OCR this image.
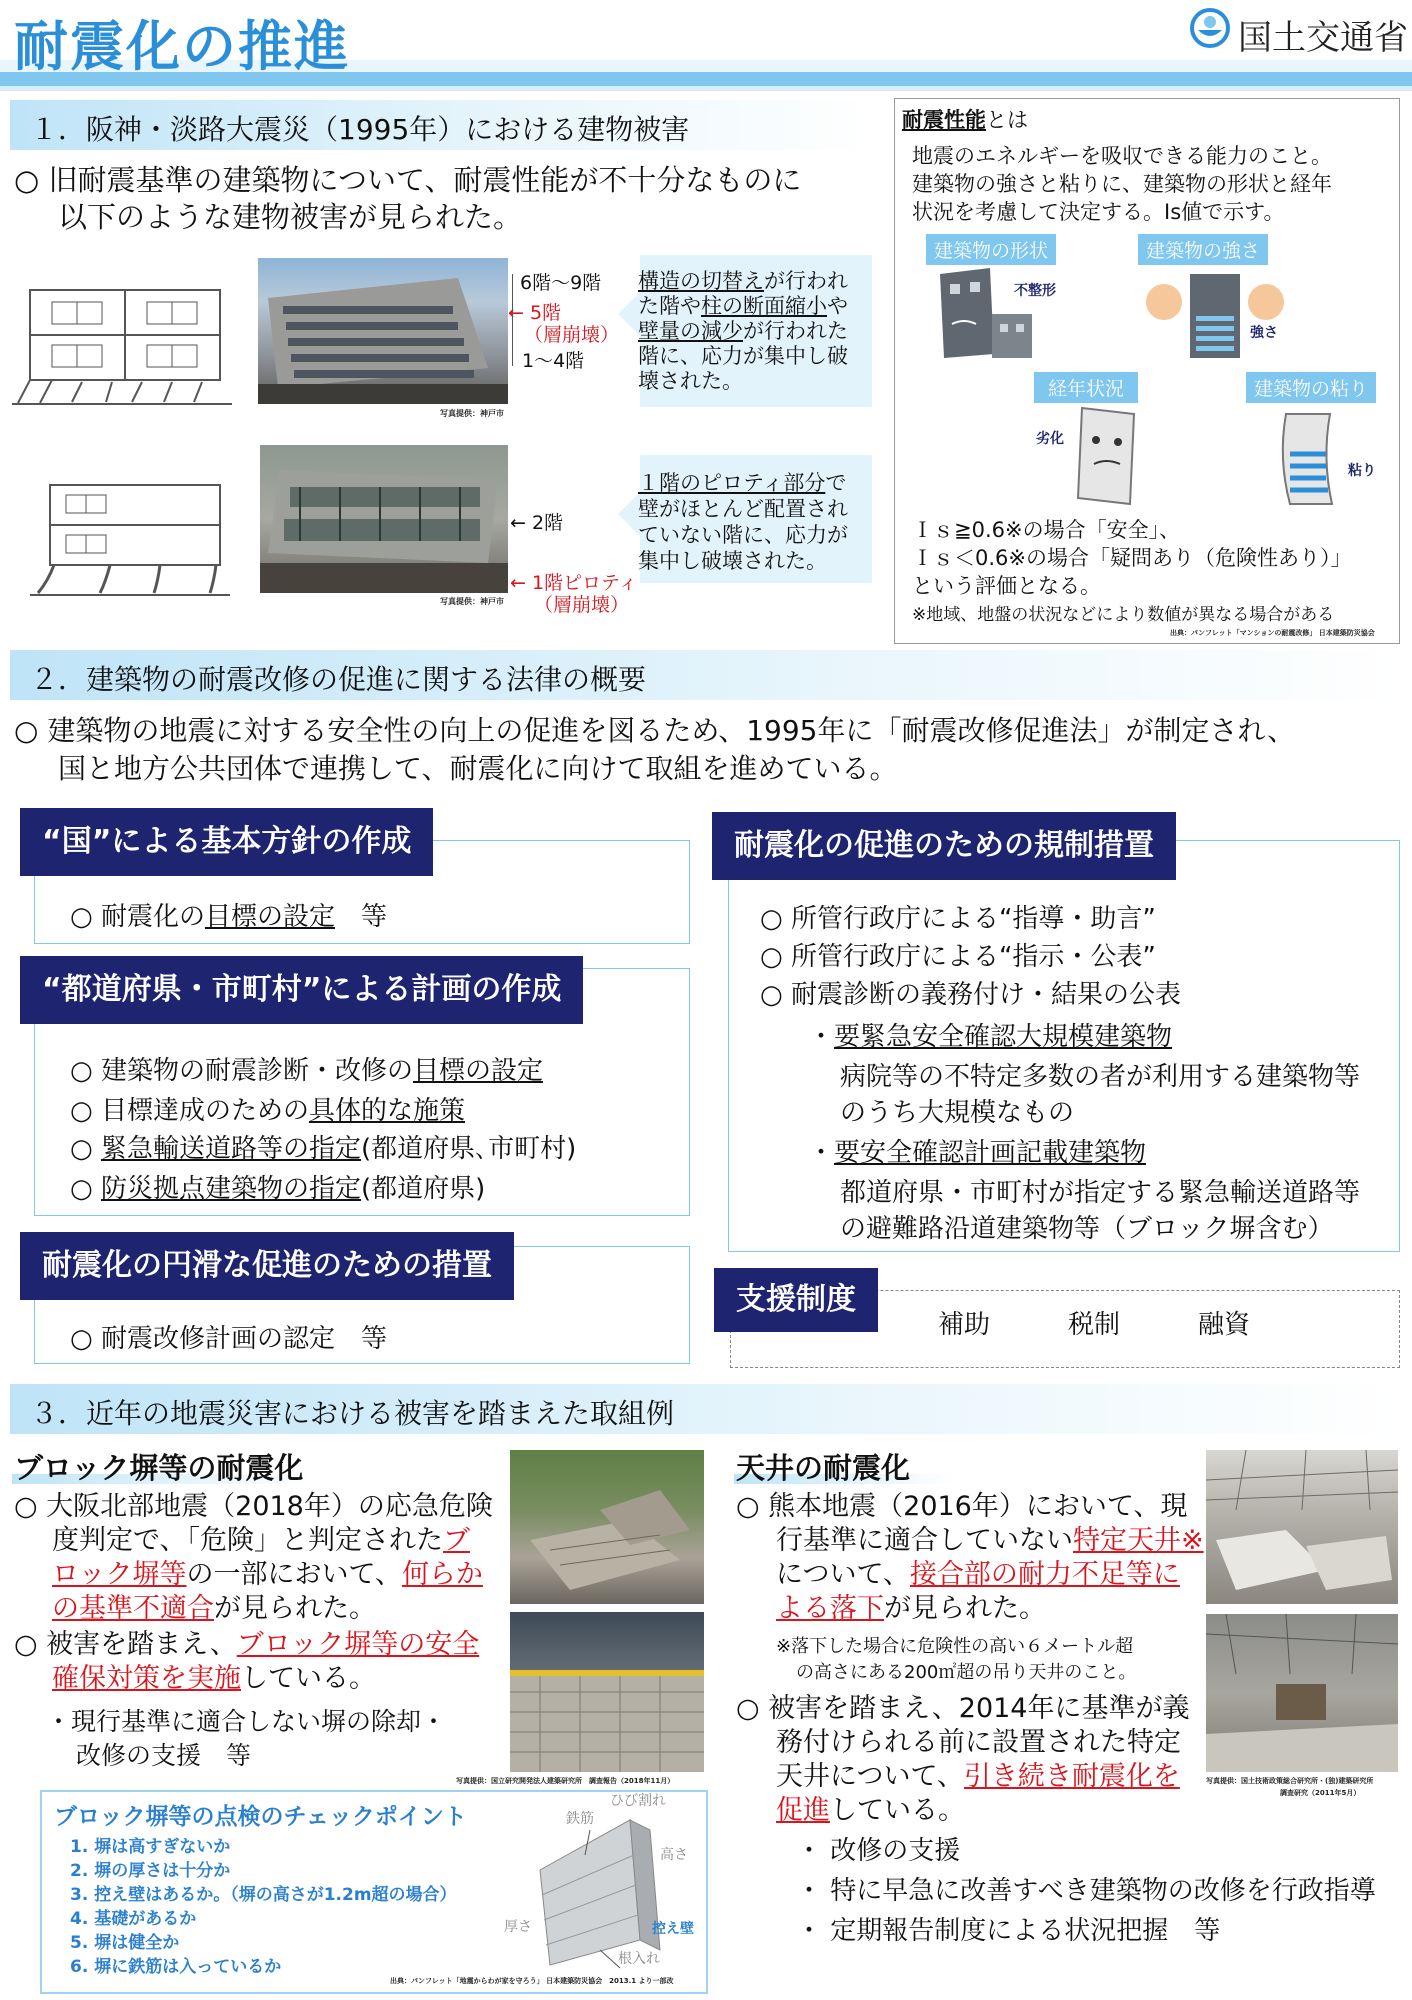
耐震化の推進	国土交通省
１．阪神・淡路大震災（1995年）における建物被害
○ 旧耐震基準の建築物について、耐震性能が不十分なものに
以下のような建物被害が見られた。
写真提供：神戸市
6階～9階
← 5階
（層崩壊）
1～4階
構造の切替えが行われ
た階や柱の断面縮小や
壁量の減少が行われた
階に、応力が集中し破
壊された。
写真提供：神戸市
← 2階
← 1階ピロティ
（層崩壊）
１階のピロティ部分で
壁がほとんど配置され
ていない階に、応力が
集中し破壊された。
耐震性能とは
地震のエネルギーを吸収できる能力のこと。
建築物の強さと粘りに、建築物の形状と経年
状況を考慮して決定する。Is値で示す。
建築物の形状	建築物の強さ
経年状況	建築物の粘り
不整形
強さ
劣化
粘り
Ｉｓ≧0.6※の場合「安全」、
Ｉｓ＜0.6※の場合「疑問あり（危険性あり）」
という評価となる。
※地域、地盤の状況などにより数値が異なる場合がある
出典：パンフレット「マンションの耐震改修」 日本建築防災協会
２．建築物の耐震改修の促進に関する法律の概要
○ 建築物の地震に対する安全性の向上の促進を図るため、1995年に「耐震改修促進法」が制定され、
国と地方公共団体で連携して、耐震化に向けて取組を進めている。
“国”による基本方針の作成
○ 耐震化の目標の設定　等
“都道府県・市町村”による計画の作成
○ 建築物の耐震診断・改修の目標の設定
○ 目標達成のための具体的な施策
○ 緊急輸送道路等の指定(都道府県､市町村)
○ 防災拠点建築物の指定(都道府県)
耐震化の円滑な促進のための措置
○ 耐震改修計画の認定　等
耐震化の促進のための規制措置
○ 所管行政庁による“指導・助言”
○ 所管行政庁による“指示・公表”
○ 耐震診断の義務付け・結果の公表
・要緊急安全確認大規模建築物
病院等の不特定多数の者が利用する建築物等
のうち大規模なもの
・要安全確認計画記載建築物
都道府県・市町村が指定する緊急輸送道路等
の避難路沿道建築物等（ブロック塀含む）
支援制度
補助	税制	融資
３．近年の地震災害における被害を踏まえた取組例
ブロック塀等の耐震化
○ 大阪北部地震（2018年）の応急危険
度判定で、「危険」と判定されたブ
ロック塀等の一部において、何らか
の基準不適合が見られた。
○ 被害を踏まえ、ブロック塀等の安全
確保対策を実施している。
・現行基準に適合しない塀の除却・
改修の支援　等
写真提供：国立研究開発法人建築研究所　調査報告（2018年11月）
ブロック塀等の点検のチェックポイント
1. 塀は高すぎないか
2. 塀の厚さは十分か
3. 控え壁はあるか。（塀の高さが1.2m超の場合）
4. 基礎があるか
5. 塀は健全か
6. 塀に鉄筋は入っているか
鉄筋
ひび割れ
高さ
厚さ	控え壁
根入れ
出典：パンフレット「地震からわが家を守ろう」 日本建築防災協会　2013.1 より一部改
天井の耐震化
○ 熊本地震（2016年）において、現
行基準に適合していない特定天井※
について、接合部の耐力不足等に
よる落下が見られた。
※落下した場合に危険性の高い６メートル超
の高さにある200㎡超の吊り天井のこと。
○ 被害を踏まえ、2014年に基準が義
務付けられる前に設置された特定
天井について、引き続き耐震化を
促進している。
・ 改修の支援
・ 特に早急に改善すべき建築物の改修を行政指導
・ 定期報告制度による状況把握　等
写真提供：国土技術政策総合研究所・(独)建築研究所
調査研究（2011年5月）
